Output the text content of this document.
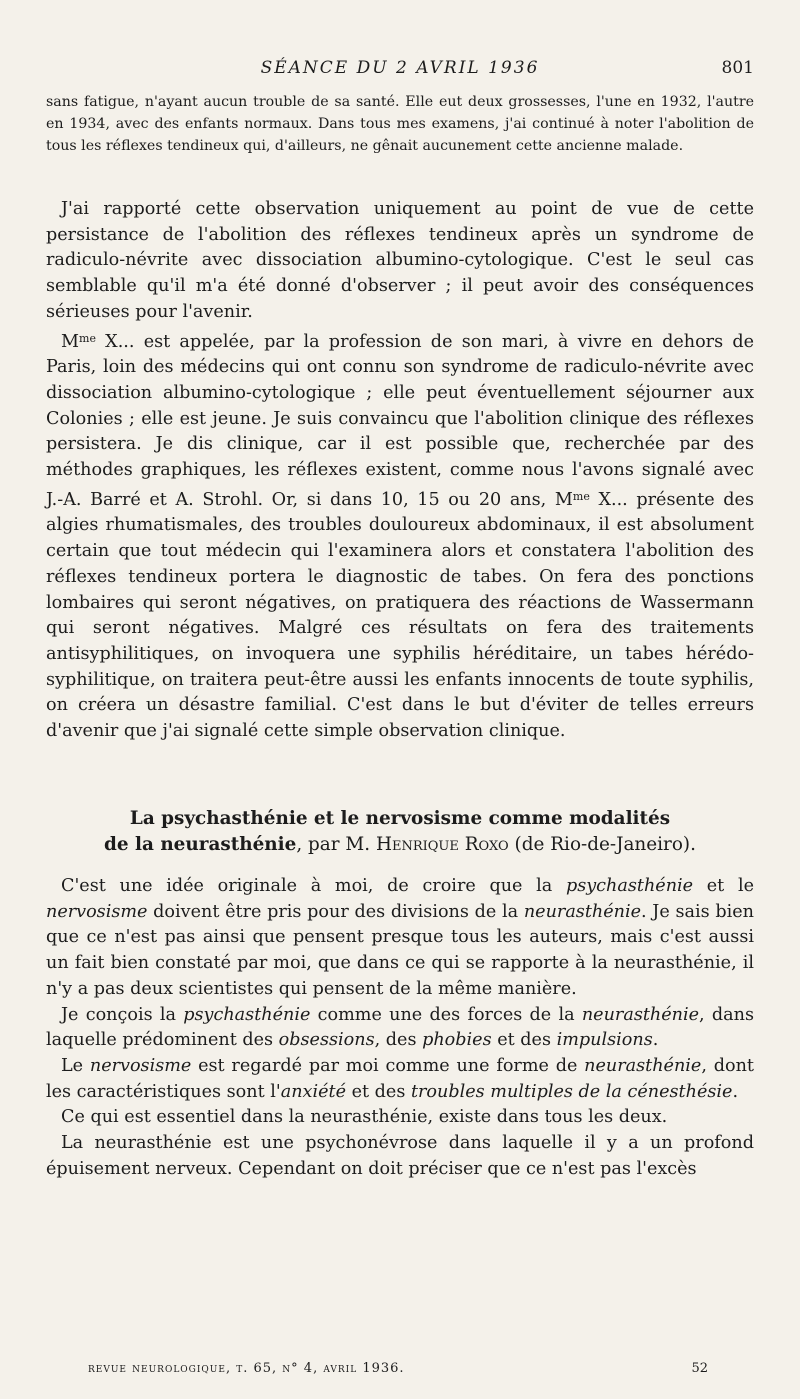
SÉANCE DU 2 AVRIL 1936	801

sans fatigue, n'ayant aucun trouble de sa santé. Elle eut deux grossesses, l'une en 1932, l'autre en 1934, avec des enfants normaux. Dans tous mes examens, j'ai continué à noter l'abolition de tous les réflexes tendineux qui, d'ailleurs, ne gênait aucunement cette ancienne malade.

J'ai rapporté cette observation uniquement au point de vue de cette persistance de l'abolition des réflexes tendineux après un syndrome de radiculo-névrite avec dissociation albumino-cytologique. C'est le seul cas semblable qu'il m'a été donné d'observer ; il peut avoir des conséquences sérieuses pour l'avenir.

$M^{me}$ X... est appelée, par la profession de son mari, à vivre en dehors de Paris, loin des médecins qui ont connu son syndrome de radiculo-névrite avec dissociation albumino-cytologique ; elle peut éventuellement séjourner aux Colonies ; elle est jeune. Je suis convaincu que l'abolition clinique des réflexes persistera. Je dis clinique, car il est possible que, recherchée par des méthodes graphiques, les réflexes existent, comme nous l'avons signalé avec J.-A. Barré et A. Strohl. Or, si dans 10, 15 ou 20 ans, $M^{me}$ X... présente des algies rhumatismales, des troubles douloureux abdominaux, il est absolument certain que tout médecin qui l'examinera alors et constatera l'abolition des réflexes tendineux portera le diagnostic de tabes. On fera des ponctions lombaires qui seront négatives, on pratiquera des réactions de Wassermann qui seront négatives. Malgré ces résultats on fera des traitements antisyphilitiques, on invoquera une syphilis héréditaire, un tabes hérédo-syphilitique, on traitera peut-être aussi les enfants innocents de toute syphilis, on créera un désastre familial. C'est dans le but d'éviter de telles erreurs d'avenir que j'ai signalé cette simple observation clinique.

La psychasthénie et le nervosisme comme modalités
de la neurasthénie, par M. Henrique Roxo (de Rio-de-Janeiro).

C'est une idée originale à moi, de croire que la psychasthénie et le nervosisme doivent être pris pour des divisions de la neurasthénie. Je sais bien que ce n'est pas ainsi que pensent presque tous les auteurs, mais c'est aussi un fait bien constaté par moi, que dans ce qui se rapporte à la neurasthénie, il n'y a pas deux scientistes qui pensent de la même manière.

Je conçois la psychasthénie comme une des forces de la neurasthénie, dans laquelle prédominent des obsessions, des phobies et des impulsions.

Le nervosisme est regardé par moi comme une forme de neurasthénie, dont les caractéristiques sont l'anxiété et des troubles multiples de la cénesthésie.

Ce qui est essentiel dans la neurasthénie, existe dans tous les deux.

La neurasthénie est une psychonévrose dans laquelle il y a un profond épuisement nerveux. Cependant on doit préciser que ce n'est pas l'excès

revue neurologique, t. 65, n° 4, avril 1936.	52
